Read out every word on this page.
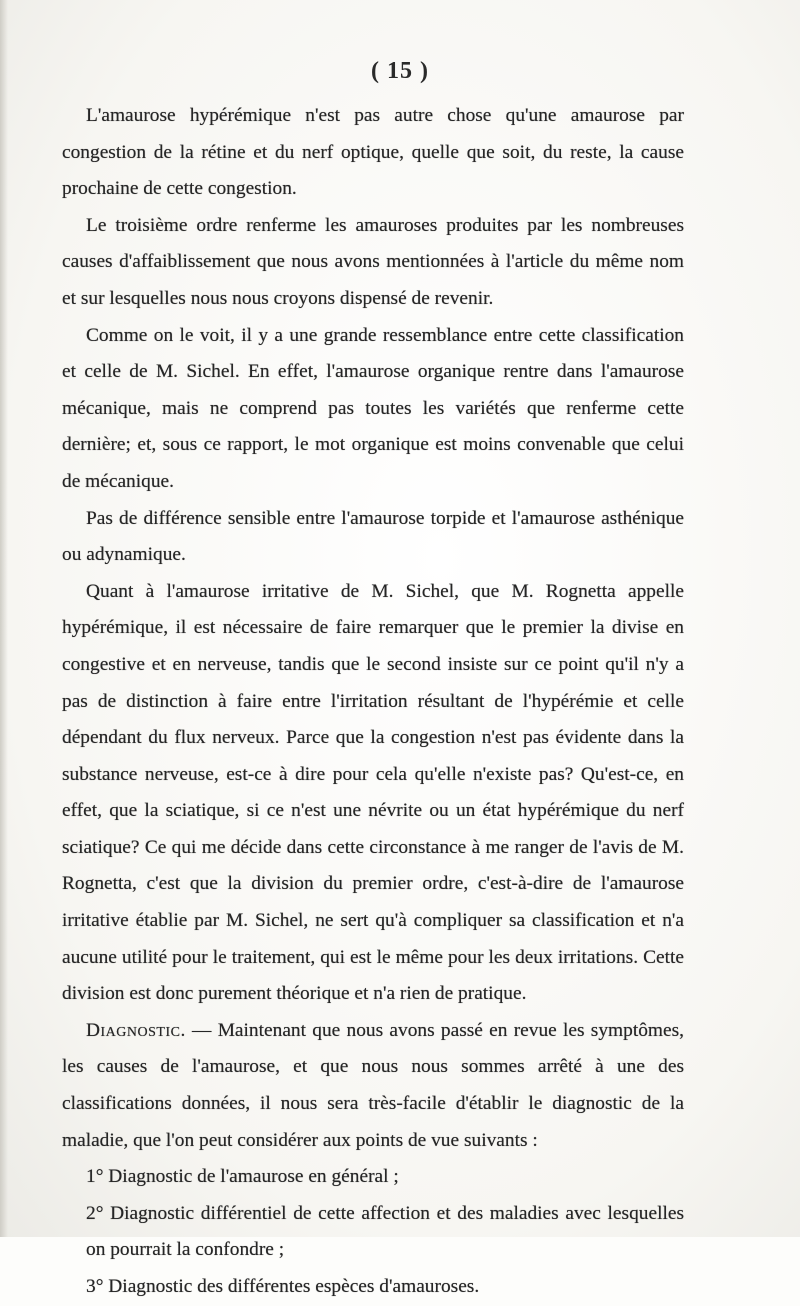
( 15 )

L'amaurose hypérémique n'est pas autre chose qu'une amaurose par congestion de la rétine et du nerf optique, quelle que soit, du reste, la cause prochaine de cette congestion.

Le troisième ordre renferme les amauroses produites par les nombreuses causes d'affaiblissement que nous avons mentionnées à l'article du même nom et sur lesquelles nous nous croyons dispensé de revenir.

Comme on le voit, il y a une grande ressemblance entre cette classification et celle de M. Sichel. En effet, l'amaurose organique rentre dans l'amaurose mécanique, mais ne comprend pas toutes les variétés que renferme cette dernière; et, sous ce rapport, le mot organique est moins convenable que celui de mécanique.

Pas de différence sensible entre l'amaurose torpide et l'amaurose asthénique ou adynamique.

Quant à l'amaurose irritative de M. Sichel, que M. Rognetta appelle hypérémique, il est nécessaire de faire remarquer que le premier la divise en congestive et en nerveuse, tandis que le second insiste sur ce point qu'il n'y a pas de distinction à faire entre l'irritation résultant de l'hypérémie et celle dépendant du flux nerveux. Parce que la congestion n'est pas évidente dans la substance nerveuse, est-ce à dire pour cela qu'elle n'existe pas? Qu'est-ce, en effet, que la sciatique, si ce n'est une névrite ou un état hypérémique du nerf sciatique? Ce qui me décide dans cette circonstance à me ranger de l'avis de M. Rognetta, c'est que la division du premier ordre, c'est-à-dire de l'amaurose irritative établie par M. Sichel, ne sert qu'à compliquer sa classification et n'a aucune utilité pour le traitement, qui est le même pour les deux irritations. Cette division est donc purement théorique et n'a rien de pratique.

Diagnostic. — Maintenant que nous avons passé en revue les symptômes, les causes de l'amaurose, et que nous nous sommes arrêté à une des classifications données, il nous sera très-facile d'établir le diagnostic de la maladie, que l'on peut considérer aux points de vue suivants :

1° Diagnostic de l'amaurose en général ;

2° Diagnostic différentiel de cette affection et des maladies avec lesquelles on pourrait la confondre ;

3° Diagnostic des différentes espèces d'amauroses.
